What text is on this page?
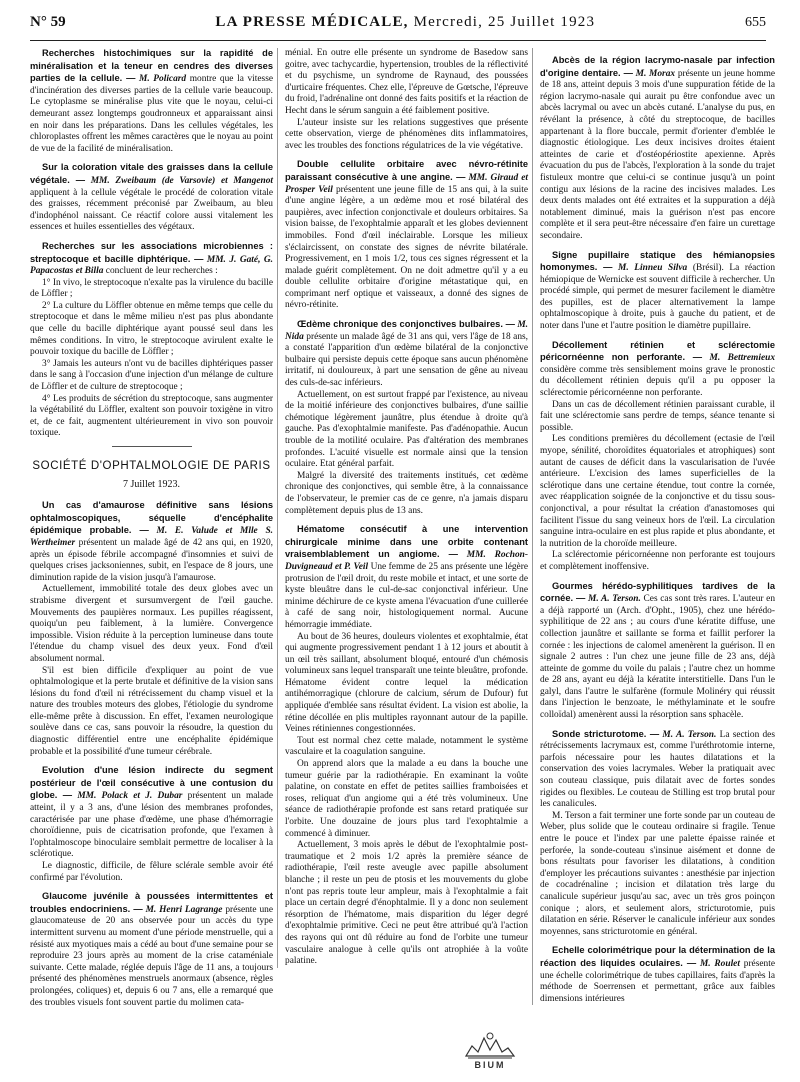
N° 59	LA PRESSE MÉDICALE, Mercredi, 25 Juillet 1923	655

Recherches histochimiques sur la rapidité de minéralisation et la teneur en cendres des diverses parties de la cellule. — M. Policard montre que la vitesse d'incinération des diverses parties de la cellule varie beaucoup. Le cytoplasme se minéralise plus vite que le noyau, celui-ci demeurant assez longtemps goudronneux et apparaissant ainsi en noir dans les préparations. Dans les cellules végétales, les chloroplastes offrent les mêmes caractères que le noyau au point de vue de la facilité de minéralisation.

Sur la coloration vitale des graisses dans la cellule végétale. — MM. Zweibaum (de Varsovie) et Mangenot appliquent à la cellule végétale le procédé de coloration vitale des graisses, récemment préconisé par Zweibaum, au bleu d'indophénol naissant. Ce réactif colore aussi vitalement les essences et huiles essentielles des végétaux.

Recherches sur les associations microbiennes : streptocoque et bacille diphtérique. — MM. J. Gaté, G. Papacostas et Billa concluent de leur recherches :

1° In vivo, le streptocoque n'exalte pas la virulence du bacille de Löffler ;

2° La culture du Löffler obtenue en même temps que celle du streptocoque et dans le même milieu n'est pas plus abondante que celle du bacille diphtérique ayant poussé seul dans les mêmes conditions. In vitro, le streptocoque avirulent exalte le pouvoir toxique du bacille de Löffler ;

3° Jamais les auteurs n'ont vu de bacilles diphtériques passer dans le sang à l'occasion d'une injection d'un mélange de culture de Löffler et de culture de streptocoque ;

4° Les produits de sécrétion du streptocoque, sans augmenter la végétabilité du Löffler, exaltent son pouvoir toxigène in vitro et, de ce fait, augmentent ultérieurement in vivo son pouvoir toxique.

SOCIÉTÉ D'OPHTALMOLOGIE DE PARIS
7 Juillet 1923.

Un cas d'amaurose définitive sans lésions ophtalmoscopiques, séquelle d'encéphalite épidémique probable. — M. E. Valude et Mlle S. Wertheimer présentent un malade âgé de 42 ans qui, en 1920, après un épisode fébrile accompagné d'insomnies et suivi de quelques crises jacksoniennes, subit, en l'espace de 8 jours, une diminution rapide de la vision jusqu'à l'amaurose.

Actuellement, immobilité totale des deux globes avec un strabisme divergent et sursumvergent de l'œil gauche. Mouvements des paupières normaux. Les pupilles réagissent, quoiqu'un peu faiblement, à la lumière. Convergence impossible. Vision réduite à la perception lumineuse dans toute l'étendue du champ visuel des deux yeux. Fond d'œil absolument normal.

S'il est bien difficile d'expliquer au point de vue ophtalmologique et la perte brutale et définitive de la vision sans lésions du fond d'œil ni rétrécissement du champ visuel et la nature des troubles moteurs des globes, l'étiologie du syndrome elle-même prête à discussion. En effet, l'examen neurologique soulève dans ce cas, sans pouvoir la résoudre, la question du diagnostic différentiel entre une encéphalite épidémique probable et la possibilité d'une tumeur cérébrale.

Evolution d'une lésion indirecte du segment postérieur de l'œil consécutive à une contusion du globe. — MM. Polack et J. Dubar présentent un malade atteint, il y a 3 ans, d'une lésion des membranes profondes, caractérisée par une phase d'œdème, une phase d'hémorragie choroïdienne, puis de cicatrisation profonde, que l'examen à l'ophtalmoscope binoculaire semblait permettre de localiser à la sclérotique.

Le diagnostic, difficile, de fêlure sclérale semble avoir été confirmé par l'évolution.

Glaucome juvénile à poussées intermittentes et troubles endocriniens. — M. Henri Lagrange présente une glaucomateuse de 20 ans observée pour un accès du type intermittent survenu au moment d'une période menstruelle, qui a résisté aux myotiques mais a cédé au bout d'une semaine pour se reproduire 23 jours après au moment de la crise cataméniale suivante. Cette malade, réglée depuis l'âge de 11 ans, a toujours présenté des phénomènes menstruels anormaux (absence, règles prolongées, coliques) et, depuis 6 ou 7 ans, elle a remarqué que des troubles visuels font souvent partie du molimen cata-

ménial. En outre elle présente un syndrome de Basedow sans goitre, avec tachycardie, hypertension, troubles de la réflectivité et du psychisme, un syndrome de Raynaud, des poussées d'urticaire fréquentes. Chez elle, l'épreuve de Gœtsche, l'épreuve du froid, l'adrénaline ont donné des faits positifs et la réaction de Hecht dans le sérum sanguin a été faiblement positive.

L'auteur insiste sur les relations suggestives que présente cette observation, vierge de phénomènes dits inflammatoires, avec les troubles des fonctions régulatrices de la vie végétative.

Double cellulite orbitaire avec névro-rétinite paraissant consécutive à une angine. — MM. Giraud et Prosper Veil présentent une jeune fille de 15 ans qui, à la suite d'une angine légère, a un œdème mou et rosé bilatéral des paupières, avec infection conjonctivale et douleurs orbitaires. Sa vision baisse, de l'exophtalmie apparaît et les globes deviennent immobiles. Fond d'œil inéclairable. Lorsque les milieux s'éclaircissent, on constate des signes de névrite bilatérale. Progressivement, en 1 mois 1/2, tous ces signes régressent et la malade guérit complètement. On ne doit admettre qu'il y a eu double cellulite orbitaire d'origine métastatique qui, en comprimant nerf optique et vaisseaux, a donné des signes de névro-rétinite.

Œdème chronique des conjonctives bulbaires. — M. Nida présente un malade âgé de 31 ans qui, vers l'âge de 18 ans, a constaté l'apparition d'un œdème bilatéral de la conjonctive bulbaire qui persiste depuis cette époque sans aucun phénomène irritatif, ni douloureux, à part une sensation de gêne au niveau des culs-de-sac inférieurs.

Actuellement, on est surtout frappé par l'existence, au niveau de la moitié inférieure des conjonctives bulbaires, d'une saillie chémotique légèrement jaunâtre, plus étendue à droite qu'à gauche. Pas d'exophtalmie manifeste. Pas d'adénopathie. Aucun trouble de la motilité oculaire. Pas d'altération des membranes profondes. L'acuité visuelle est normale ainsi que la tension oculaire. Etat général parfait.

Malgré la diversité des traitements institués, cet œdème chronique des conjonctives, qui semble être, à la connaissance de l'observateur, le premier cas de ce genre, n'a jamais disparu complètement depuis plus de 13 ans.

Hématome consécutif à une intervention chirurgicale minime dans une orbite contenant vraisemblablement un angiome. — MM. Rochon-Duvigneaud et P. Veil Une femme de 25 ans présente une légère protrusion de l'œil droit, du reste mobile et intact, et une sorte de kyste bleuâtre dans le cul-de-sac conjonctival inférieur. Une minime déchirure de ce kyste amena l'évacuation d'une cuillerée à café de sang noir, histologiquement normal. Aucune hémorragie immédiate.

Au bout de 36 heures, douleurs violentes et exophtalmie, état qui augmente progressivement pendant 1 à 12 jours et aboutit à un œil très saillant, absolument bloqué, entouré d'un chémosis volumineux sans lequel transparaît une teinte bleuâtre, profonde. Hématome évident contre lequel la médication antihémorragique (chlorure de calcium, sérum de Dufour) fut appliquée d'emblée sans résultat évident. La vision est abolie, la rétine décollée en plis multiples rayonnant autour de la papille. Veines rétiniennes congestionnées.

Tout est normal chez cette malade, notamment le système vasculaire et la coagulation sanguine.

On apprend alors que la malade a eu dans la bouche une tumeur guérie par la radiothérapie. En examinant la voûte palatine, on constate en effet de petites saillies framboisées et roses, reliquat d'un angiome qui a été très volumineux. Une séance de radiothérapie profonde est sans retard pratiquée sur l'orbite. Une douzaine de jours plus tard l'exophtalmie a commencé à diminuer.

Actuellement, 3 mois après le début de l'exophtalmie post-traumatique et 2 mois 1/2 après la première séance de radiothérapie, l'œil reste aveugle avec papille absolument blanche ; il reste un peu de ptosis et les mouvements du globe n'ont pas repris toute leur ampleur, mais à l'exophtalmie a fait place un certain degré d'énophtalmie. Il y a donc non seulement résorption de l'hématome, mais disparition du léger degré d'exophtalmie primitive. Ceci ne peut être attribué qu'à l'action des rayons qui ont dû réduire au fond de l'orbite une tumeur vasculaire analogue à celle qu'ils ont atrophiée à la voûte palatine.

Abcès de la région lacrymo-nasale par infection d'origine dentaire. — M. Morax présente un jeune homme de 18 ans, atteint depuis 3 mois d'une suppuration fétide de la région lacrymo-nasale qui aurait pu être confondue avec un abcès lacrymal ou avec un abcès cutané. L'analyse du pus, en révélant la présence, à côté du streptocoque, de bacilles appartenant à la flore buccale, permit d'orienter d'emblée le diagnostic étiologique. Les deux incisives droites étaient atteintes de carie et d'ostéopériostite apexienne. Après évacuation du pus de l'abcès, l'exploration à la sonde du trajet fistuleux montre que celui-ci se continue jusqu'à un point contigu aux lésions de la racine des incisives malades. Les deux dents malades ont été extraites et la suppuration a déjà notablement diminué, mais la guérison n'est pas encore complète et il sera peut-être nécessaire d'en faire un curettage secondaire.

Signe pupillaire statique des hémianopsies homonymes. — M. Linneu Silva (Brésil). La réaction hémiopique de Wernicke est souvent difficile à rechercher. Un procédé simple, qui permet de mesurer facilement le diamètre des pupilles, est de placer alternativement la lampe ophtalmoscopique à droite, puis à gauche du patient, et de noter dans l'une et l'autre position le diamètre pupillaire.

Décollement rétinien et sclérectomie péricornéenne non perforante. — M. Bettremieux considère comme très sensiblement moins grave le pronostic du décollement rétinien depuis qu'il a pu opposer la sclérectomie péricornéenne non perforante.

Dans un cas de décollement rétinien paraissant curable, il fait une sclérectomie sans perdre de temps, séance tenante si possible.

Les conditions premières du décollement (ectasie de l'œil myope, sénilité, choroïdites équatoriales et atrophiques) sont autant de causes de déficit dans la vascularisation de l'uvée antérieure. L'excision des lames superficielles de la sclérotique dans une certaine étendue, tout contre la cornée, avec réapplication soignée de la conjonctive et du tissu sous-conjonctival, a pour résultat la création d'anastomoses qui facilitent l'issue du sang veineux hors de l'œil. La circulation sanguine intra-oculaire en est plus rapide et plus abondante, et la nutrition de la choroïde meilleure.

La sclérectomie péricornéenne non perforante est toujours et complètement inoffensive.

Gourmes hérédo-syphilitiques tardives de la cornée. — M. A. Terson. Ces cas sont très rares. L'auteur en a déjà rapporté un (Arch. d'Opht., 1905), chez une hérédo-syphilitique de 22 ans ; au cours d'une kératite diffuse, une collection jaunâtre et saillante se forma et faillit perforer la cornée : les injections de calomel amenèrent la guérison. Il en signale 2 autres : l'un chez une jeune fille de 23 ans, déjà atteinte de gomme du voile du palais ; l'autre chez un homme de 28 ans, ayant eu déjà la kératite interstitielle. Dans l'un le galyl, dans l'autre le sulfarène (formule Molinéry qui réussit dans l'injection le benzoate, le méthylaminate et le soufre colloïdal) amenèrent aussi la résorption sans sphacèle.

Sonde stricturotome. — M. A. Terson. La section des rétrécissements lacrymaux est, comme l'uréthrotomie interne, parfois nécessaire pour les hautes dilatations et la conservation des voies lacrymales. Weber la pratiquait avec son couteau classique, puis dilatait avec de fortes sondes rigides ou flexibles. Le couteau de Stilling est trop brutal pour les canalicules.

M. Terson a fait terminer une forte sonde par un couteau de Weber, plus solide que le couteau ordinaire si fragile. Tenue entre le pouce et l'index par une palette épaisse rainée et perforée, la sonde-couteau s'insinue aisément et donne de bons résultats pour favoriser les dilatations, à condition d'employer les précautions suivantes : anesthésie par injection de cocadrénaline ; incision et dilatation très large du canalicule supérieur jusqu'au sac, avec un très gros poinçon conique ; alors, et seulement alors, stricturotomie, puis dilatation en série. Réserver le canalicule inférieur aux sondes moyennes, sans stricturotomie en général.

Echelle colorimétrique pour la détermination de la réaction des liquides oculaires. — M. Roulet présente une échelle colorimétrique de tubes capillaires, faits d'après la méthode de Soerrensen et permettant, grâce aux faibles dimensions intérieures

BIUM
